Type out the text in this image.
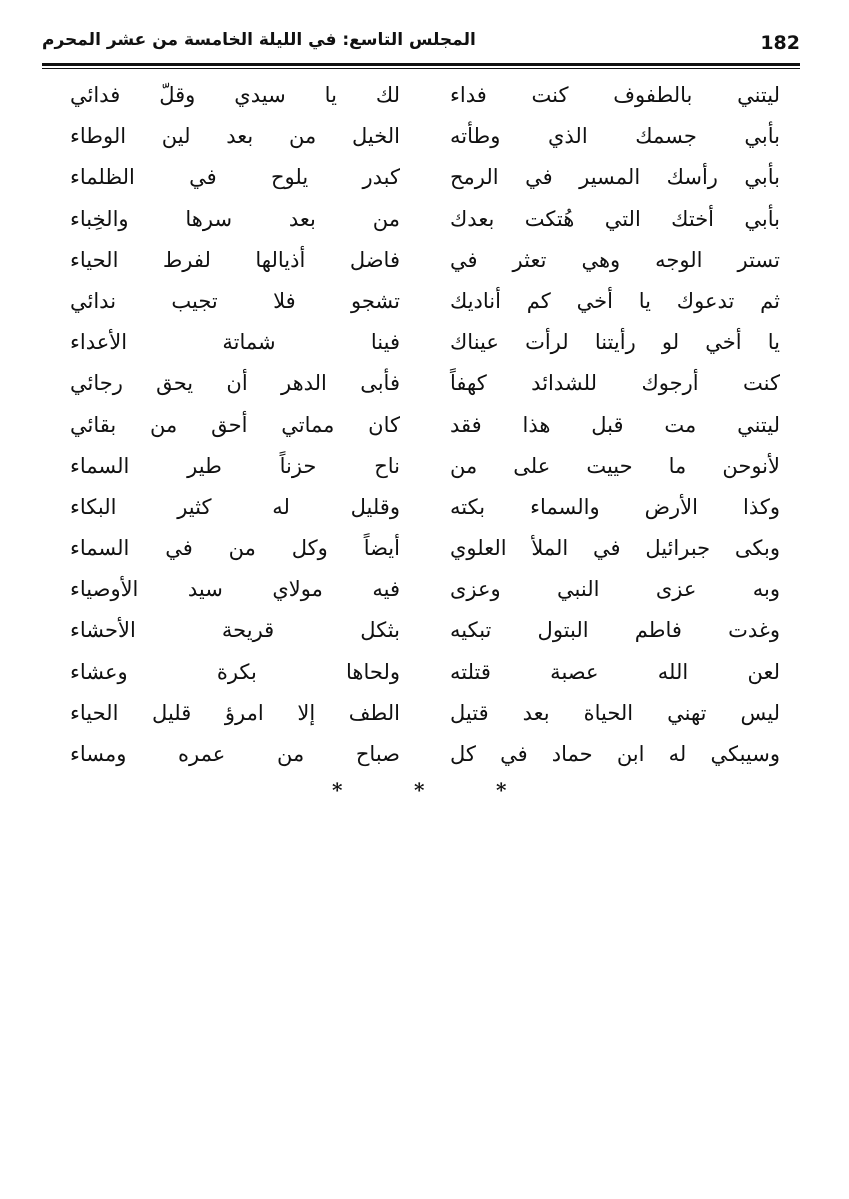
المجلس التاسع: في الليلة الخامسة من عشر المحرم	182
ليتني بالطفوف كنت فداء
لك يا سيدي وقلّ فدائي
بأبي جسمك الذي وطأته
الخيل من بعد لين الوطاء
بأبي رأسك المسير في الرمح
كبدر يلوح في الظلماء
بأبي أختك التي هُتكت بعدك
من بعد سرها والخِباء
تستر الوجه وهي تعثر في
فاضل أذيالها لفرط الحياء
ثم تدعوك يا أخي كم أناديك
تشجو فلا تجيب ندائي
يا أخي لو رأيتنا لرأت عيناك
فينا شماتة الأعداء
كنت أرجوك للشدائد كهفاً
فأبى الدهر أن يحق رجائي
ليتني مت قبل هذا فقد
كان مماتي أحق من بقائي
لأنوحن ما حييت على من
ناح حزناً طير السماء
وكذا الأرض والسماء بكته
وقليل له كثير البكاء
وبكى جبرائيل في الملأ العلوي
أيضاً وكل من في السماء
وبه عزى النبي وعزى
فيه مولاي سيد الأوصياء
وغدت فاطم البتول تبكيه
بثكل قريحة الأحشاء
لعن الله عصبة قتلته
ولحاها بكرة وعشاء
ليس تهني الحياة بعد قتيل
الطف إلا امرؤ قليل الحياء
وسيبكي له ابن حماد في كل
صباح من عمره ومساء
*	*	*
